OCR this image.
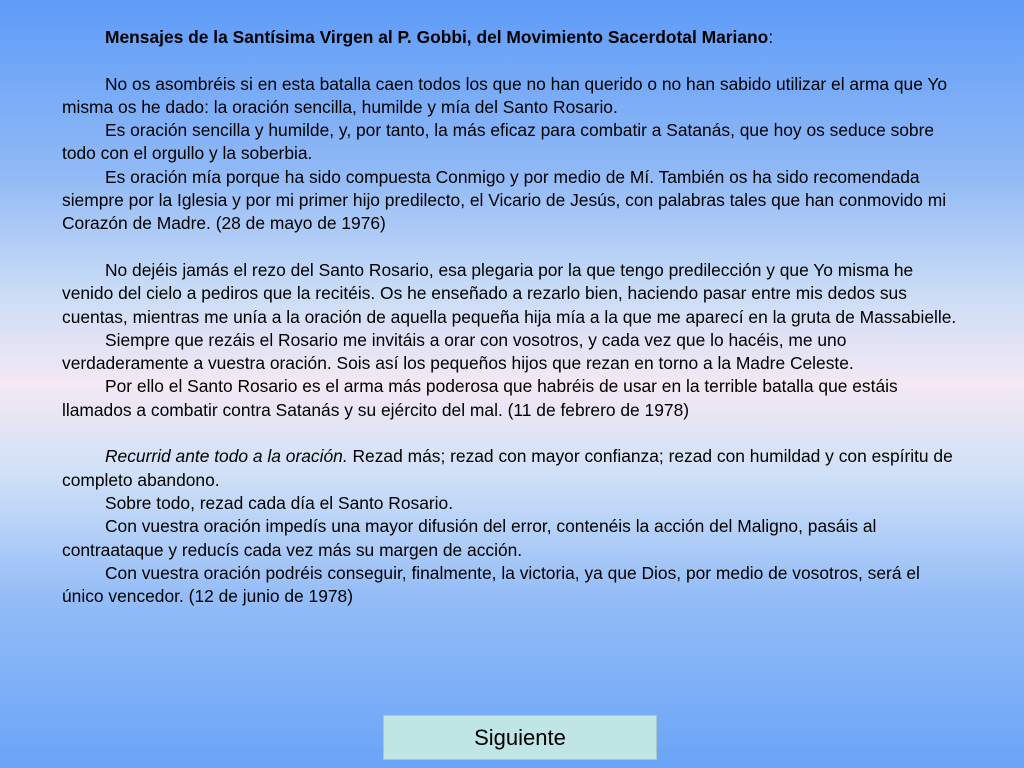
Mensajes de la Santísima Virgen al P. Gobbi, del Movimiento Sacerdotal Mariano:

No os asombréis si en esta batalla caen todos los que no han querido o no han sabido utilizar el arma que Yo misma os he dado: la oración sencilla, humilde y mía del Santo Rosario.

Es oración sencilla y humilde, y, por tanto, la más eficaz para combatir a Satanás, que hoy os seduce sobre todo con el orgullo y la soberbia.

Es oración mía porque ha sido compuesta Conmigo y por medio de Mí. También os ha sido recomendada siempre por la Iglesia y por mi primer hijo predilecto, el Vicario de Jesús, con palabras tales que han conmovido mi Corazón de Madre. (28 de mayo de 1976)

No dejéis jamás el rezo del Santo Rosario, esa plegaria por la que tengo predilección y que Yo misma he venido del cielo a pediros que la recitéis. Os he enseñado a rezarlo bien, haciendo pasar entre mis dedos sus cuentas, mientras me unía a la oración de aquella pequeña hija mía a la que me aparecí en la gruta de Massabielle.

Siempre que rezáis el Rosario me invitáis a orar con vosotros, y cada vez que lo hacéis, me uno verdaderamente a vuestra oración. Sois así los pequeños hijos que rezan en torno a la Madre Celeste.

Por ello el Santo Rosario es el arma más poderosa que habréis de usar en la terrible batalla que estáis llamados a combatir contra Satanás y su ejército del mal. (11 de febrero de 1978)

Recurrid ante todo a la oración. Rezad más; rezad con mayor confianza; rezad con humildad y con espíritu de completo abandono.

Sobre todo, rezad cada día el Santo Rosario.

Con vuestra oración impedís una mayor difusión del error, contenéis la acción del Maligno, pasáis al contraataque y reducís cada vez más su margen de acción.

Con vuestra oración podréis conseguir, finalmente, la victoria, ya que Dios, por medio de vosotros, será el único vencedor. (12 de junio de 1978)

Siguiente
